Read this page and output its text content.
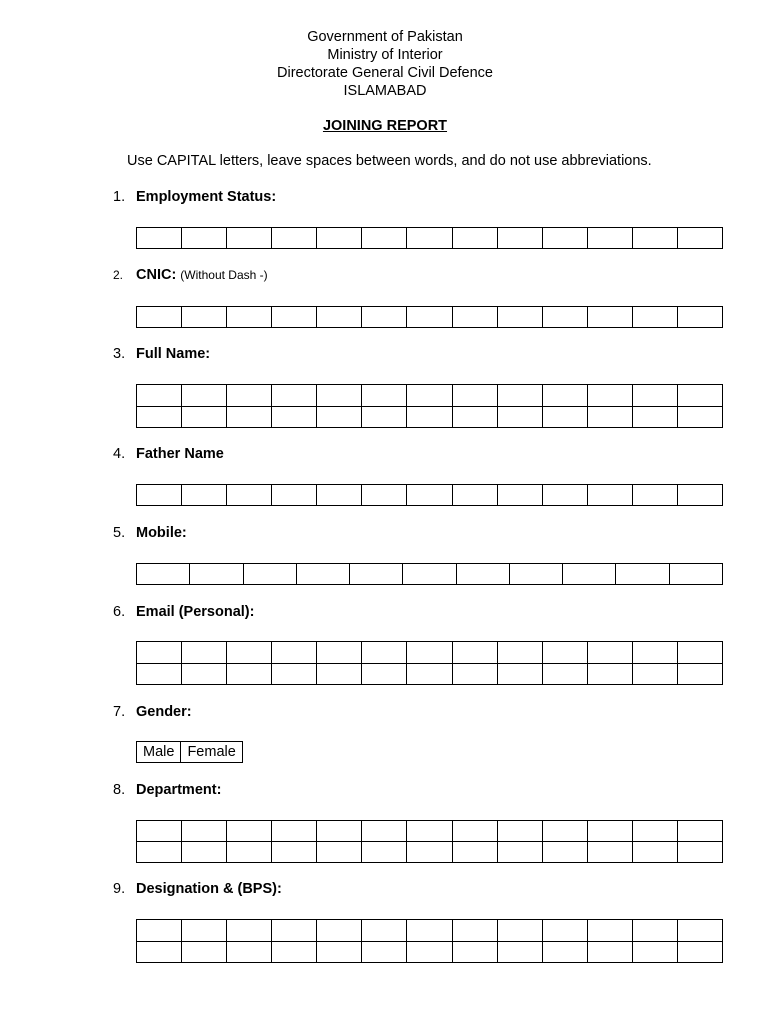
Government of Pakistan
Ministry of Interior
Directorate General Civil Defence
ISLAMABAD
JOINING REPORT
Use CAPITAL letters, leave spaces between words, and do not use abbreviations.
1. Employment Status:
2. CNIC: (Without Dash -)
3. Full Name:
4. Father Name
5. Mobile:
6. Email (Personal):
7. Gender:
Male Female
8. Department:
9. Designation & (BPS):
